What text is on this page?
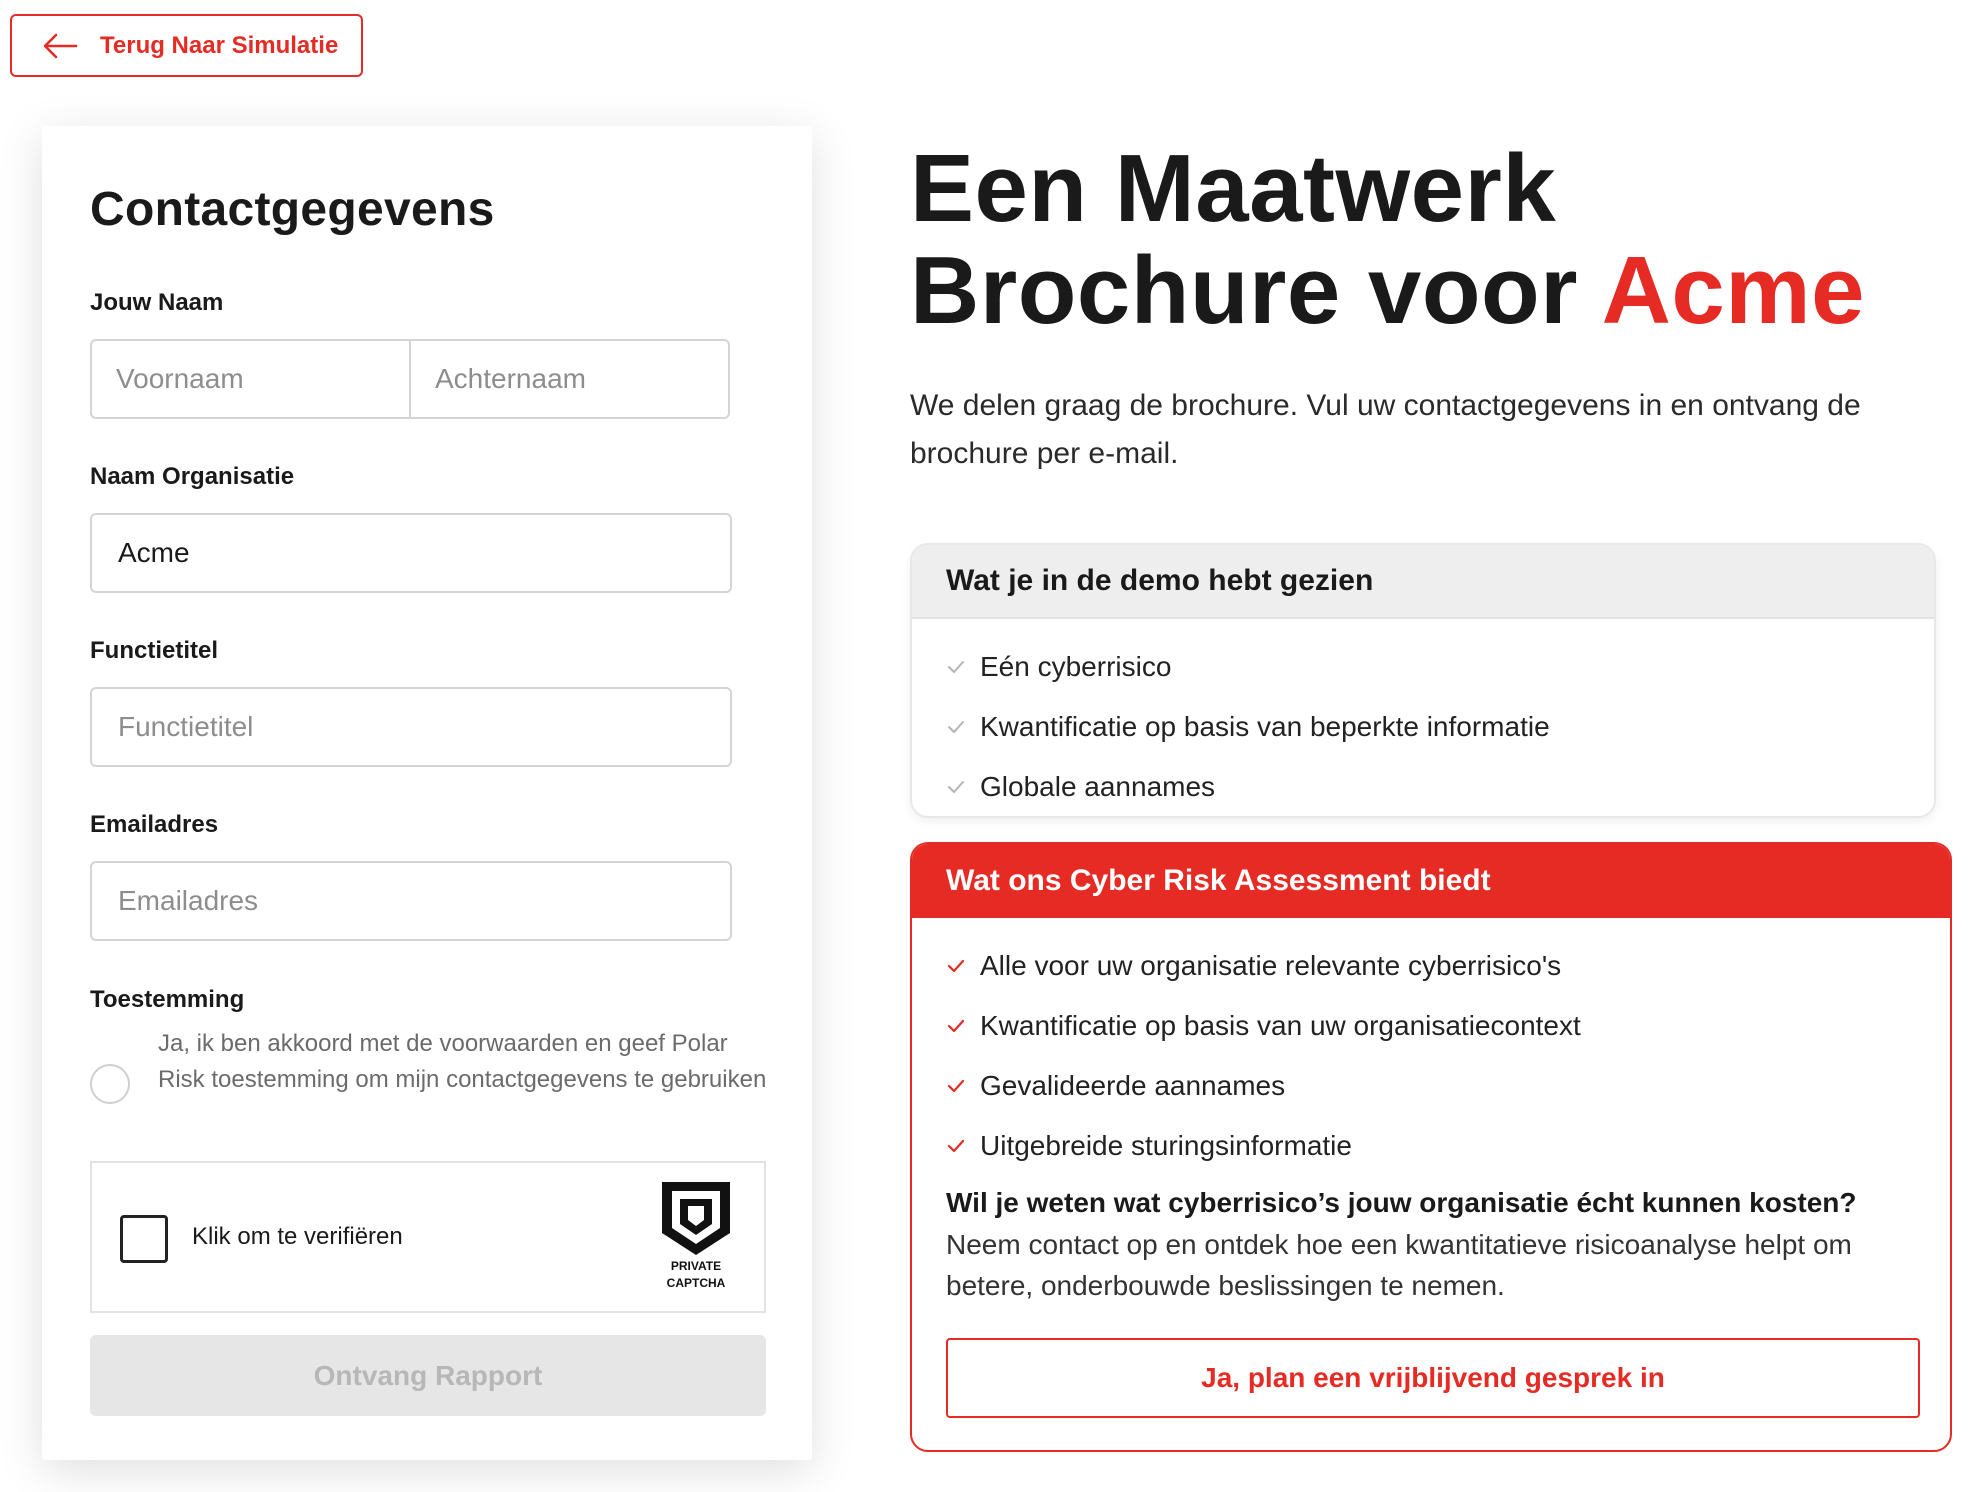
Terug Naar Simulatie
Contactgegevens
Jouw Naam
Voornaam	Achternaam
Naam Organisatie
Acme
Functietitel
Functietitel
Emailadres
Emailadres
Toestemming
Ja, ik ben akkoord met de voorwaarden en geef Polar Risk toestemming om mijn contactgegevens te gebruiken
Klik om te verifiëren
PRIVATE
CAPTCHA
Ontvang Rapport
Een Maatwerk
Brochure voor Acme
We delen graag de brochure. Vul uw contactgegevens in en ontvang de brochure per e-mail.
Wat je in de demo hebt gezien
Eén cyberrisico
Kwantificatie op basis van beperkte informatie
Globale aannames
Wat ons Cyber Risk Assessment biedt
Alle voor uw organisatie relevante cyberrisico's
Kwantificatie op basis van uw organisatiecontext
Gevalideerde aannames
Uitgebreide sturingsinformatie
Wil je weten wat cyberrisico’s jouw organisatie écht kunnen kosten?
Neem contact op en ontdek hoe een kwantitatieve risicoanalyse helpt om betere, onderbouwde beslissingen te nemen.
Ja, plan een vrijblijvend gesprek in
